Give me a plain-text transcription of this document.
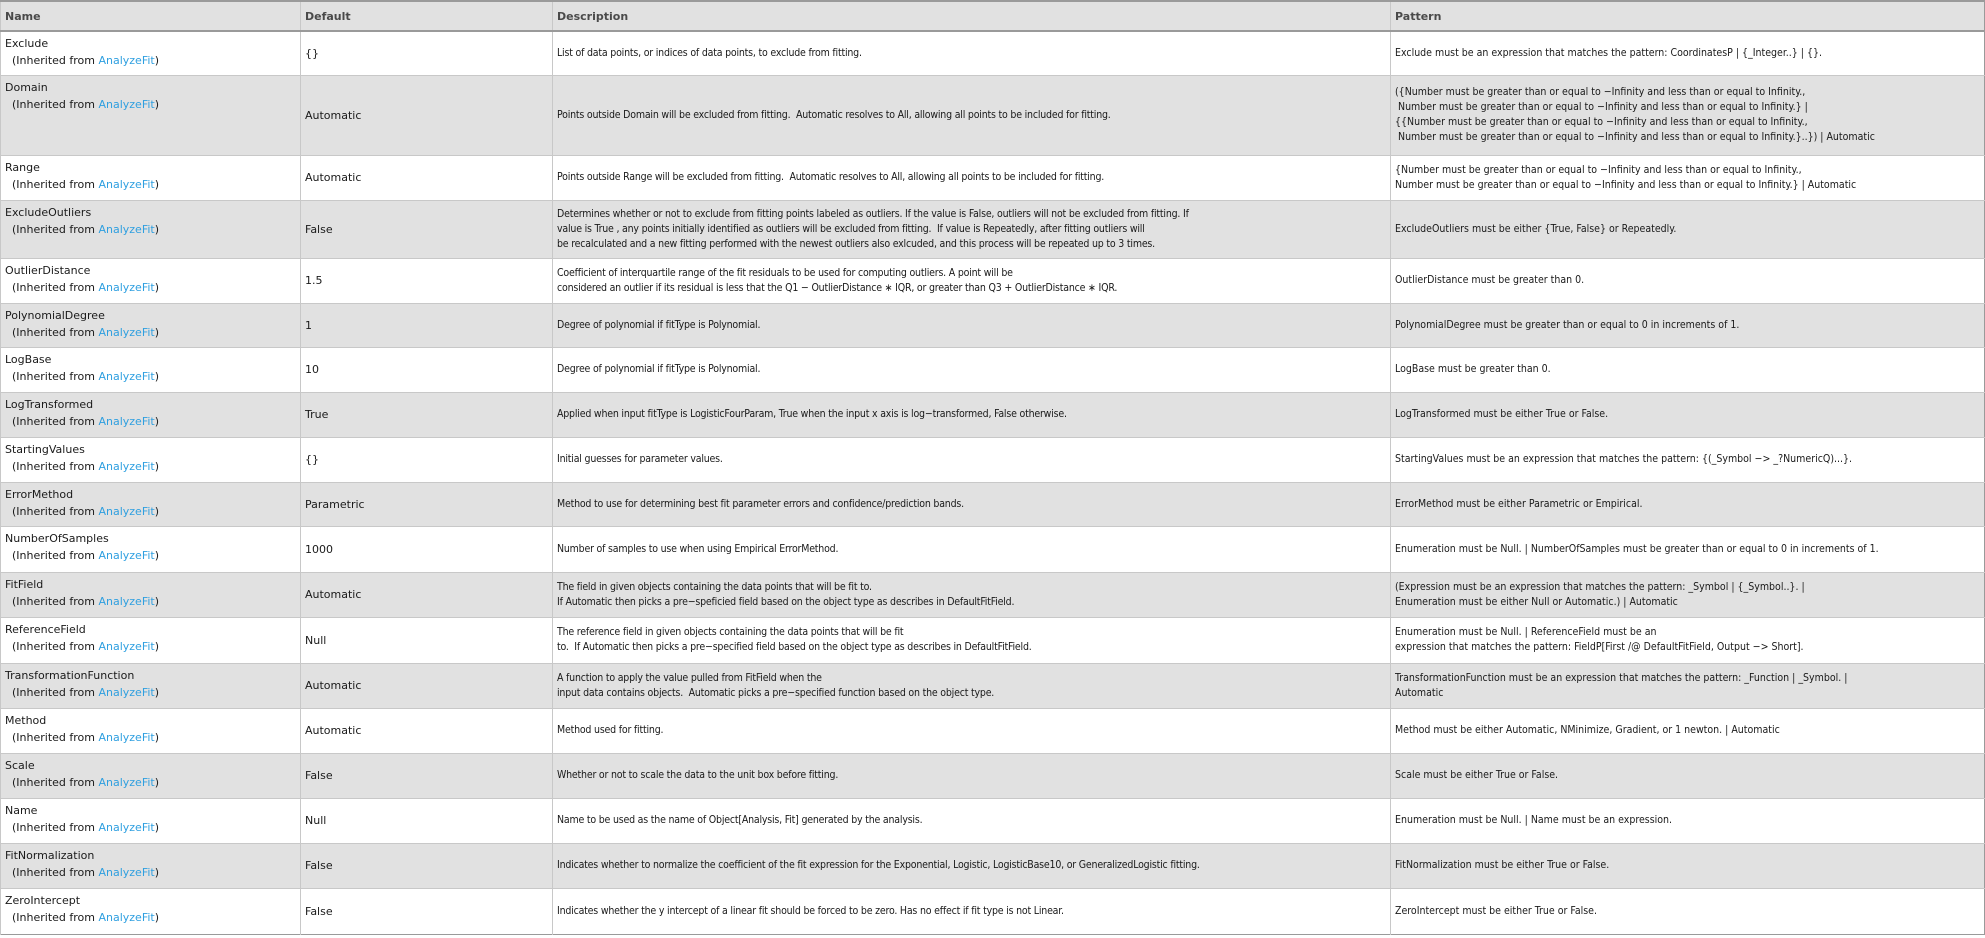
Name	Default	Description	Pattern

Exclude
(Inherited from AnalyzeFit)	{}	List of data points, or indices of data points, to exclude from fitting.	Exclude must be an expression that matches the pattern: CoordinatesP | {_Integer..} | {}.

Domain
(Inherited from AnalyzeFit)	Automatic	Points outside Domain will be excluded from fitting.  Automatic resolves to All, allowing all points to be included for fitting.	({Number must be greater than or equal to −Infinity and less than or equal to Infinity.,
Number must be greater than or equal to −Infinity and less than or equal to Infinity.} |
{{Number must be greater than or equal to −Infinity and less than or equal to Infinity.,
Number must be greater than or equal to −Infinity and less than or equal to Infinity.}..}) | Automatic

Range
(Inherited from AnalyzeFit)	Automatic	Points outside Range will be excluded from fitting.  Automatic resolves to All, allowing all points to be included for fitting.	{Number must be greater than or equal to −Infinity and less than or equal to Infinity.,
Number must be greater than or equal to −Infinity and less than or equal to Infinity.} | Automatic

ExcludeOutliers
(Inherited from AnalyzeFit)	False	Determines whether or not to exclude from fitting points labeled as outliers. If the value is False, outliers will not be excluded from fitting. If
value is True , any points initially identified as outliers will be excluded from fitting.  If value is Repeatedly, after fitting outliers will
be recalculated and a new fitting performed with the newest outliers also exlcuded, and this process will be repeated up to 3 times.	ExcludeOutliers must be either {True, False} or Repeatedly.

OutlierDistance
(Inherited from AnalyzeFit)	1.5	Coefficient of interquartile range of the fit residuals to be used for computing outliers. A point will be
considered an outlier if its residual is less that the Q1 − OutlierDistance ∗ IQR, or greater than Q3 + OutlierDistance ∗ IQR.	OutlierDistance must be greater than 0.

PolynomialDegree
(Inherited from AnalyzeFit)	1	Degree of polynomial if fitType is Polynomial.	PolynomialDegree must be greater than or equal to 0 in increments of 1.

LogBase
(Inherited from AnalyzeFit)	10	Degree of polynomial if fitType is Polynomial.	LogBase must be greater than 0.

LogTransformed
(Inherited from AnalyzeFit)	True	Applied when input fitType is LogisticFourParam, True when the input x axis is log−transformed, False otherwise.	LogTransformed must be either True or False.

StartingValues
(Inherited from AnalyzeFit)	{}	Initial guesses for parameter values.	StartingValues must be an expression that matches the pattern: {(_Symbol −> _?NumericQ)...}.

ErrorMethod
(Inherited from AnalyzeFit)	Parametric	Method to use for determining best fit parameter errors and confidence/prediction bands.	ErrorMethod must be either Parametric or Empirical.

NumberOfSamples
(Inherited from AnalyzeFit)	1000	Number of samples to use when using Empirical ErrorMethod.	Enumeration must be Null. | NumberOfSamples must be greater than or equal to 0 in increments of 1.

FitField
(Inherited from AnalyzeFit)	Automatic	The field in given objects containing the data points that will be fit to.
If Automatic then picks a pre−speficied field based on the object type as describes in DefaultFitField.	(Expression must be an expression that matches the pattern: _Symbol | {_Symbol..}. |
Enumeration must be either Null or Automatic.) | Automatic

ReferenceField
(Inherited from AnalyzeFit)	Null	The reference field in given objects containing the data points that will be fit
to.  If Automatic then picks a pre−specified field based on the object type as describes in DefaultFitField.	Enumeration must be Null. | ReferenceField must be an
expression that matches the pattern: FieldP[First /@ DefaultFitField, Output −> Short].

TransformationFunction
(Inherited from AnalyzeFit)	Automatic	A function to apply the value pulled from FitField when the
input data contains objects.  Automatic picks a pre−specified function based on the object type.	TransformationFunction must be an expression that matches the pattern: _Function | _Symbol. |
Automatic

Method
(Inherited from AnalyzeFit)	Automatic	Method used for fitting.	Method must be either Automatic, NMinimize, Gradient, or 1 newton. | Automatic

Scale
(Inherited from AnalyzeFit)	False	Whether or not to scale the data to the unit box before fitting.	Scale must be either True or False.

Name
(Inherited from AnalyzeFit)	Null	Name to be used as the name of Object[Analysis, Fit] generated by the analysis.	Enumeration must be Null. | Name must be an expression.

FitNormalization
(Inherited from AnalyzeFit)	False	Indicates whether to normalize the coefficient of the fit expression for the Exponential, Logistic, LogisticBase10, or GeneralizedLogistic fitting.	FitNormalization must be either True or False.

ZeroIntercept
(Inherited from AnalyzeFit)	False	Indicates whether the y intercept of a linear fit should be forced to be zero. Has no effect if fit type is not Linear.	ZeroIntercept must be either True or False.
